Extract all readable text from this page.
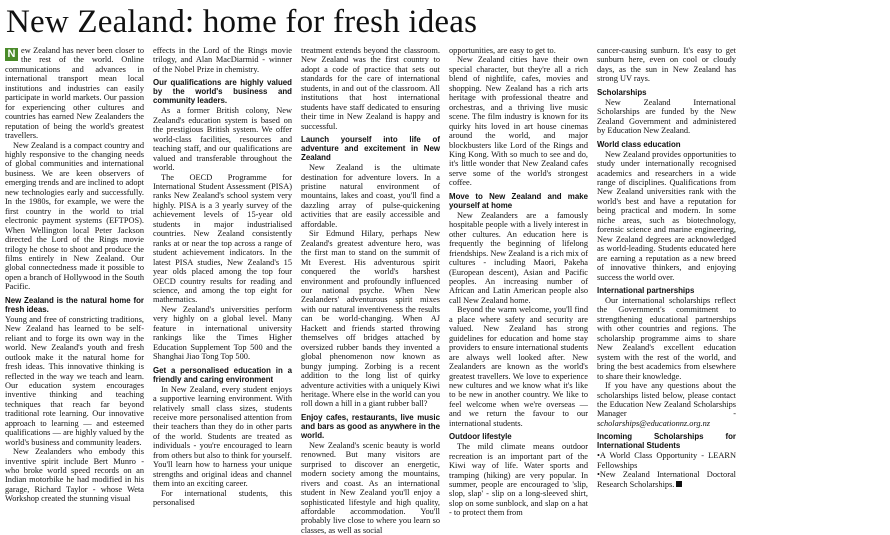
New Zealand: home for fresh ideas

N ew Zealand has never been closer to the rest of the world. Online communications and advances in international transport mean local institutions and industries can easily participate in world markets. Our passion for experiencing other cultures and countries has earned New Zealanders the reputation of being the world's greatest travellers.

New Zealand is a compact country and highly responsive to the changing needs of global communities and international business. We are keen observers of emerging trends and are inclined to adopt new technologies early and successfully. In the 1980s, for example, we were the first country in the world to trial electronic payment systems (EFTPOS). When Wellington local Peter Jackson directed the Lord of the Rings movie trilogy he chose to shoot and produce the films entirely in New Zealand. Our global connectedness made it possible to open a branch of Hollywood in the South Pacific.

New Zealand is the natural home for fresh ideas.

Young and free of constricting traditions, New Zealand has learned to be self-reliant and to forge its own way in the world. New Zealand's youth and fresh outlook make it the natural home for fresh ideas. This innovative thinking is reflected in the way we teach and learn. Our education system encourages inventive thinking and teaching techniques that reach far beyond traditional rote learning. Our innovative approach to learning — and esteemed qualifications — are highly valued by the world's business and community leaders.

New Zealanders who embody this inventive spirit include Bert Munro - who broke world speed records on an Indian motorbike he had modified in his garage, Richard Taylor - whose Weta Workshop created the stunning visual

effects in the Lord of the Rings movie trilogy, and Alan MacDiarmid - winner of the Nobel Prize in chemistry.

Our qualifications are highly valued by the world's business and community leaders.

As a former British colony, New Zealand's education system is based on the prestigious British system. We offer world-class facilities, resources and teaching staff, and our qualifications are valued and transferable throughout the world.

The OECD Programme for International Student Assessment (PISA) ranks New Zealand's school system very highly. PISA is a 3 yearly survey of the achievement levels of 15-year old students in major industrialised countries. New Zealand consistently ranks at or near the top across a range of student achievement indicators. In the latest PISA studies, New Zealand's 15 year olds placed among the top four OECD country results for reading and science, and among the top eight for mathematics.

New Zealand's universities perform very highly on a global level. Many feature in international university rankings like the Times Higher Education Supplement Top 500 and the Shanghai Jiao Tong Top 500.

Get a personalised education in a friendly and caring environment

In New Zealand, every student enjoys a supportive learning environment. With relatively small class sizes, students receive more personalised attention from their teachers than they do in other parts of the world. Students are treated as individuals - you're encouraged to learn from others but also to think for yourself. You'll learn how to harness your unique strengths and original ideas and channel them into an exciting career.

For international students, this personalised

treatment extends beyond the classroom. New Zealand was the first country to adopt a code of practice that sets out standards for the care of international students, in and out of the classroom. All institutions that host international students have staff dedicated to ensuring their time in New Zealand is happy and successful.

Launch yourself into life of adventure and excitement in New Zealand

New Zealand is the ultimate destination for adventure lovers. In a pristine natural environment of mountains, lakes and coast, you'll find a dazzling array of pulse-quickening activities that are easily accessible and affordable.

Sir Edmund Hilary, perhaps New Zealand's greatest adventure hero, was the first man to stand on the summit of Mt Everest. His adventurous spirit conquered the world's harshest environment and profoundly influenced our national psyche. When New Zealanders' adventurous spirit mixes with our natural inventiveness the results can be world-changing. When AJ Hackett and friends started throwing themselves off bridges attached by oversized rubber bands they invented a global phenomenon now known as bungy jumping. Zorbing is a recent addition to the long list of quirky adventure activities with a uniquely Kiwi heritage. Where else in the world can you roll down a hill in a giant rubber ball?

Enjoy cafes, restaurants, live music and bars as good as anywhere in the world.

New Zealand's scenic beauty is world renowned. But many visitors are surprised to discover an energetic, modern society among the mountains, rivers and coast. As an international student in New Zealand you'll enjoy a sophisticated lifestyle and high quality, affordable accommodation. You'll probably live close to where you learn so classes, as well as social

opportunities, are easy to get to.

New Zealand cities have their own special character, but they're all a rich blend of nightlife, cafes, movies and shopping. New Zealand has a rich arts heritage with professional theatre and orchestras, and a thriving live music scene. The film industry is known for its quirky hits loved in art house cinemas around the world, and major blockbusters like Lord of the Rings and King Kong. With so much to see and do, it's little wonder that New Zealand cafes serve some of the world's strongest coffee.

Move to New Zealand and make yourself at home

New Zealanders are a famously hospitable people with a lively interest in other cultures. An education here is frequently the beginning of lifelong friendships. New Zealand is a rich mix of cultures - including Maori, Pakeha (European descent), Asian and Pacific peoples. An increasing number of African and Latin American people also call New Zealand home.

Beyond the warm welcome, you'll find a place where safety and security are valued. New Zealand has strong guidelines for education and home stay providers to ensure international students are always well looked after. New Zealanders are known as the world's greatest travellers. We love to experience new cultures and we know what it's like to be new in another country. We like to feel welcome when we're overseas — and we return the favour to our international students.

Outdoor lifestyle

The mild climate means outdoor recreation is an important part of the Kiwi way of life. Water sports and tramping (hiking) are very popular. In summer, people are encouraged to 'slip, slop, slap' - slip on a long-sleeved shirt, slop on some sunblock, and slap on a hat - to protect them from

cancer-causing sunburn. It's easy to get sunburn here, even on cool or cloudy days, as the sun in New Zealand has strong UV rays.

Scholarships

New Zealand International Scholarships are funded by the New Zealand Government and administered by Education New Zealand.

World class education

New Zealand provides opportunities to study under internationally recognised academics and researchers in a wide range of disciplines. Qualifications from New Zealand universities rank with the world's best and have a reputation for being practical and modern. In some niche areas, such as biotechnology, forensic science and marine engineering, New Zealand degrees are acknowledged as world-leading. Students educated here are earning a reputation as a new breed of innovative thinkers, and enjoying success the world over.

International partnerships

Our international scholarships reflect the Government's commitment to strengthening educational partnerships with other countries and regions. The scholarship programme aims to share New Zealand's excellent education system with the rest of the world, and bring the best academics from elsewhere to share their knowledge.

If you have any questions about the scholarships listed below, please contact the Education New Zealand Scholarships Manager - scholarships@educationnz.org.nz

Incoming Scholarships for International Students

•A World Class Opportunity - LEARN Fellowships

•New Zealand International Doctoral Research Scholarships.
